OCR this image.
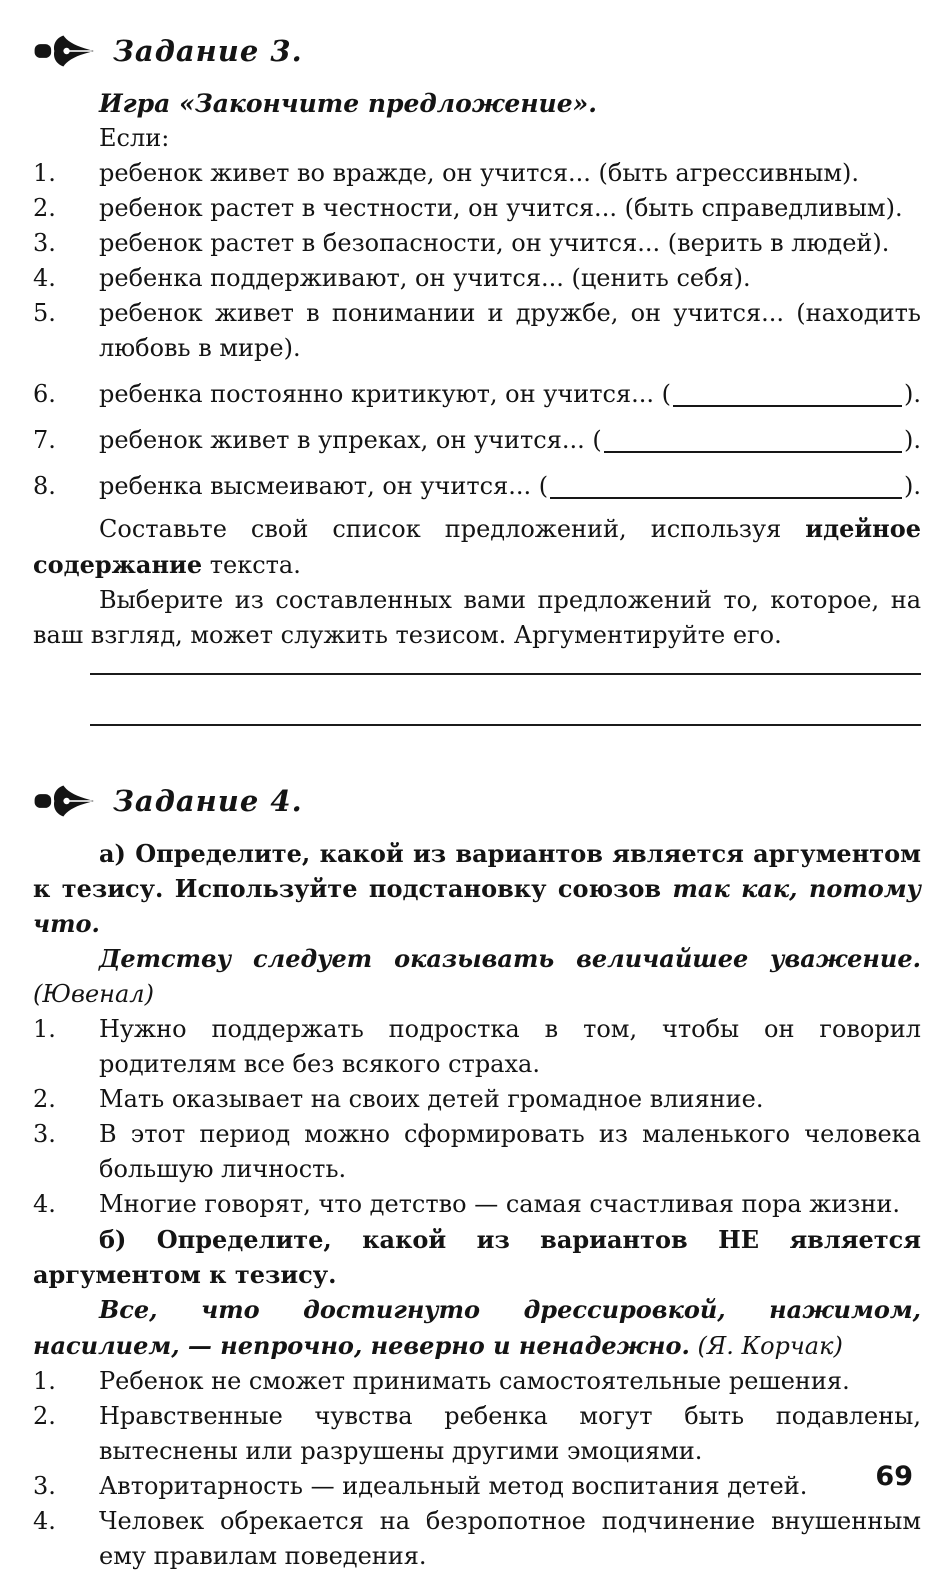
Задание 3.

Игра «Закончите предложение».

Если:

1.	ребенок живет во вражде, он учится... (быть агрессивным).
2.	ребенок растет в честности, он учится... (быть справедливым).
3.	ребенок растет в безопасности, он учится... (верить в людей).
4.	ребенка поддерживают, он учится... (ценить себя).
5.	ребенок живет в понимании и дружбе, он учится... (находить любовь в мире).
6.	ребенка постоянно критикуют, он учится... (	).
7.	ребенок живет в упреках, он учится... (	).
8.	ребенка высмеивают, он учится... (	).

Составьте свой список предложений, используя идейное содержание текста.

Выберите из составленных вами предложений то, которое, на ваш взгляд, может служить тезисом. Аргументируйте его.

Задание 4.

а) Определите, какой из вариантов является аргументом к тезису. Используйте подстановку союзов так как, потому что.

Детству следует оказывать величайшее уважение. (Ювенал)

1.	Нужно поддержать подростка в том, чтобы он говорил родителям все без всякого страха.
2.	Мать оказывает на своих детей громадное влияние.
3.	В этот период можно сформировать из маленького человека большую личность.
4.	Многие говорят, что детство — самая счастливая пора жизни.

б) Определите, какой из вариантов НЕ является аргументом к тезису.

Все, что достигнуто дрессировкой, нажимом, насилием, — непрочно, неверно и ненадежно. (Я. Корчак)

1.	Ребенок не сможет принимать самостоятельные решения.
2.	Нравственные чувства ребенка могут быть подавлены, вытеснены или разрушены другими эмоциями.
3.	Авторитарность — идеальный метод воспитания детей.
4.	Человек обрекается на безропотное подчинение внушенным ему правилам поведения.
69
